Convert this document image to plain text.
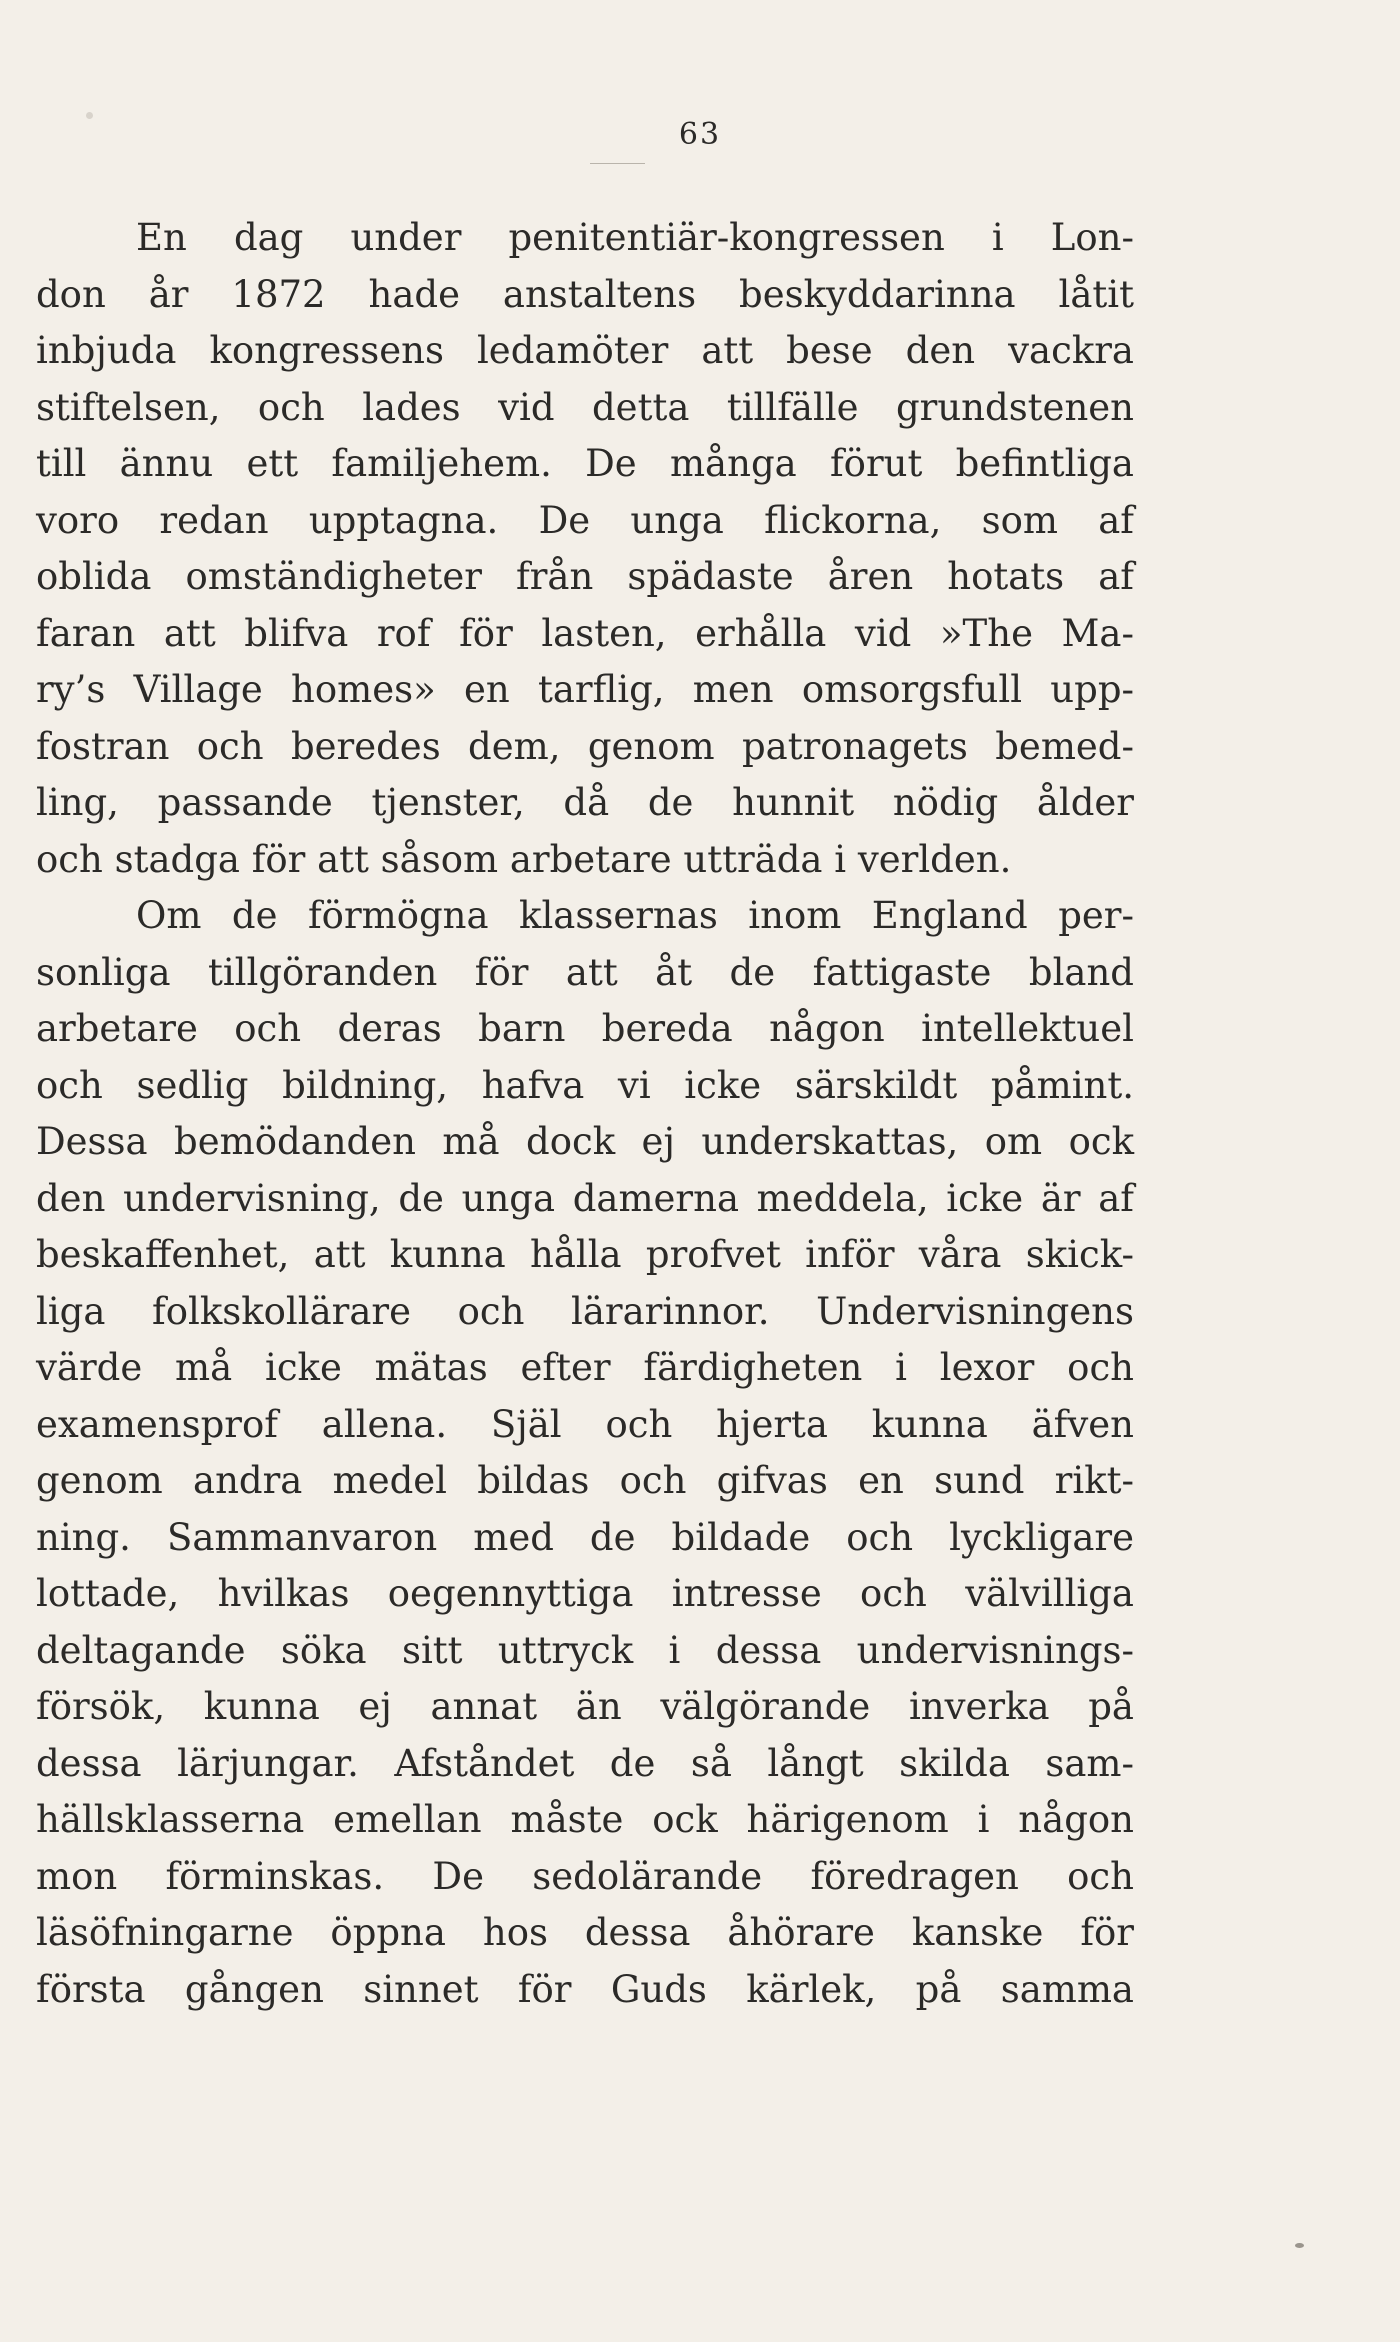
63
En dag under penitentiär-kongressen i Lon-
don år 1872 hade anstaltens beskyddarinna låtit
inbjuda kongressens ledamöter att bese den vackra
stiftelsen, och lades vid detta tillfälle grundstenen
till ännu ett familjehem. De många förut befintliga
voro redan upptagna. De unga flickorna, som af
oblida omständigheter från spädaste åren hotats af
faran att blifva rof för lasten, erhålla vid »The Ma-
ry’s Village homes» en tarflig, men omsorgsfull upp-
fostran och beredes dem, genom patronagets bemed-
ling, passande tjenster, då de hunnit nödig ålder
och stadga för att såsom arbetare utträda i verlden.
Om de förmögna klassernas inom England per-
sonliga tillgöranden för att åt de fattigaste bland
arbetare och deras barn bereda någon intellektuel
och sedlig bildning, hafva vi icke särskildt påmint.
Dessa bemödanden må dock ej underskattas, om ock
den undervisning, de unga damerna meddela, icke är af
beskaffenhet, att kunna hålla profvet inför våra skick-
liga folkskollärare och lärarinnor. Undervisningens
värde må icke mätas efter färdigheten i lexor och
examensprof allena. Själ och hjerta kunna äfven
genom andra medel bildas och gifvas en sund rikt-
ning. Sammanvaron med de bildade och lyckligare
lottade, hvilkas oegennyttiga intresse och välvilliga
deltagande söka sitt uttryck i dessa undervisnings-
försök, kunna ej annat än välgörande inverka på
dessa lärjungar. Afståndet de så långt skilda sam-
hällsklasserna emellan måste ock härigenom i någon
mon förminskas. De sedolärande föredragen och
läsöfningarne öppna hos dessa åhörare kanske för
första gången sinnet för Guds kärlek, på samma
